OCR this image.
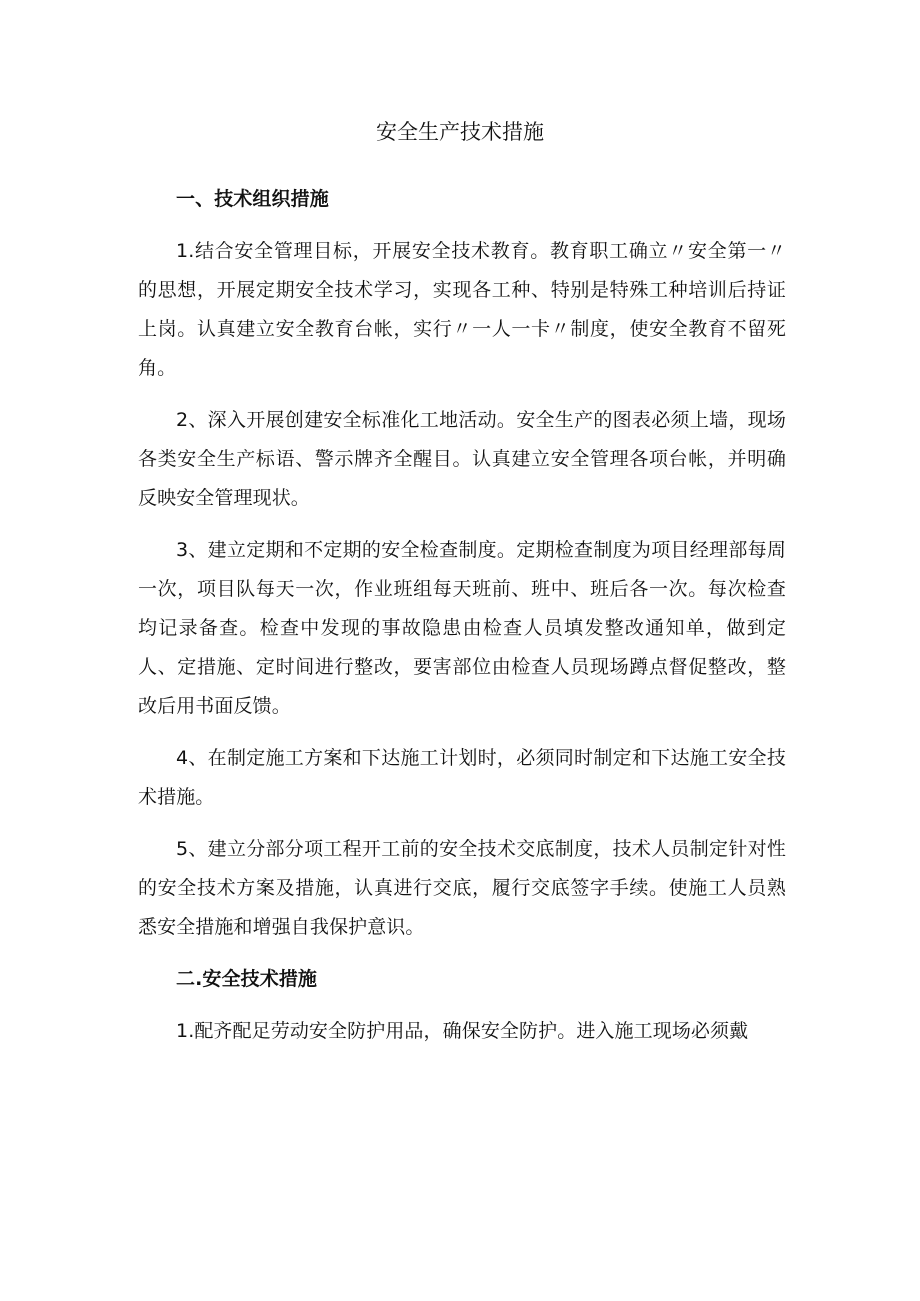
安全生产技术措施

一、技术组织措施

1.结合安全管理目标，开展安全技术教育。教育职工确立〃安全第一〃的思想，开展定期安全技术学习，实现各工种、特别是特殊工种培训后持证上岗。认真建立安全教育台帐，实行〃一人一卡〃制度，使安全教育不留死角。

2、深入开展创建安全标准化工地活动。安全生产的图表必须上墙，现场各类安全生产标语、警示牌齐全醒目。认真建立安全管理各项台帐，并明确反映安全管理现状。

3、建立定期和不定期的安全检查制度。定期检查制度为项目经理部每周一次，项目队每天一次，作业班组每天班前、班中、班后各一次。每次检查均记录备查。检查中发现的事故隐患由检查人员填发整改通知单，做到定人、定措施、定时间进行整改，要害部位由检查人员现场蹲点督促整改，整改后用书面反馈。

4、在制定施工方案和下达施工计划时，必须同时制定和下达施工安全技术措施。

5、建立分部分项工程开工前的安全技术交底制度，技术人员制定针对性的安全技术方案及措施，认真进行交底，履行交底签字手续。使施工人员熟悉安全措施和增强自我保护意识。

二.安全技术措施

1.配齐配足劳动安全防护用品，确保安全防护。进入施工现场必须戴
